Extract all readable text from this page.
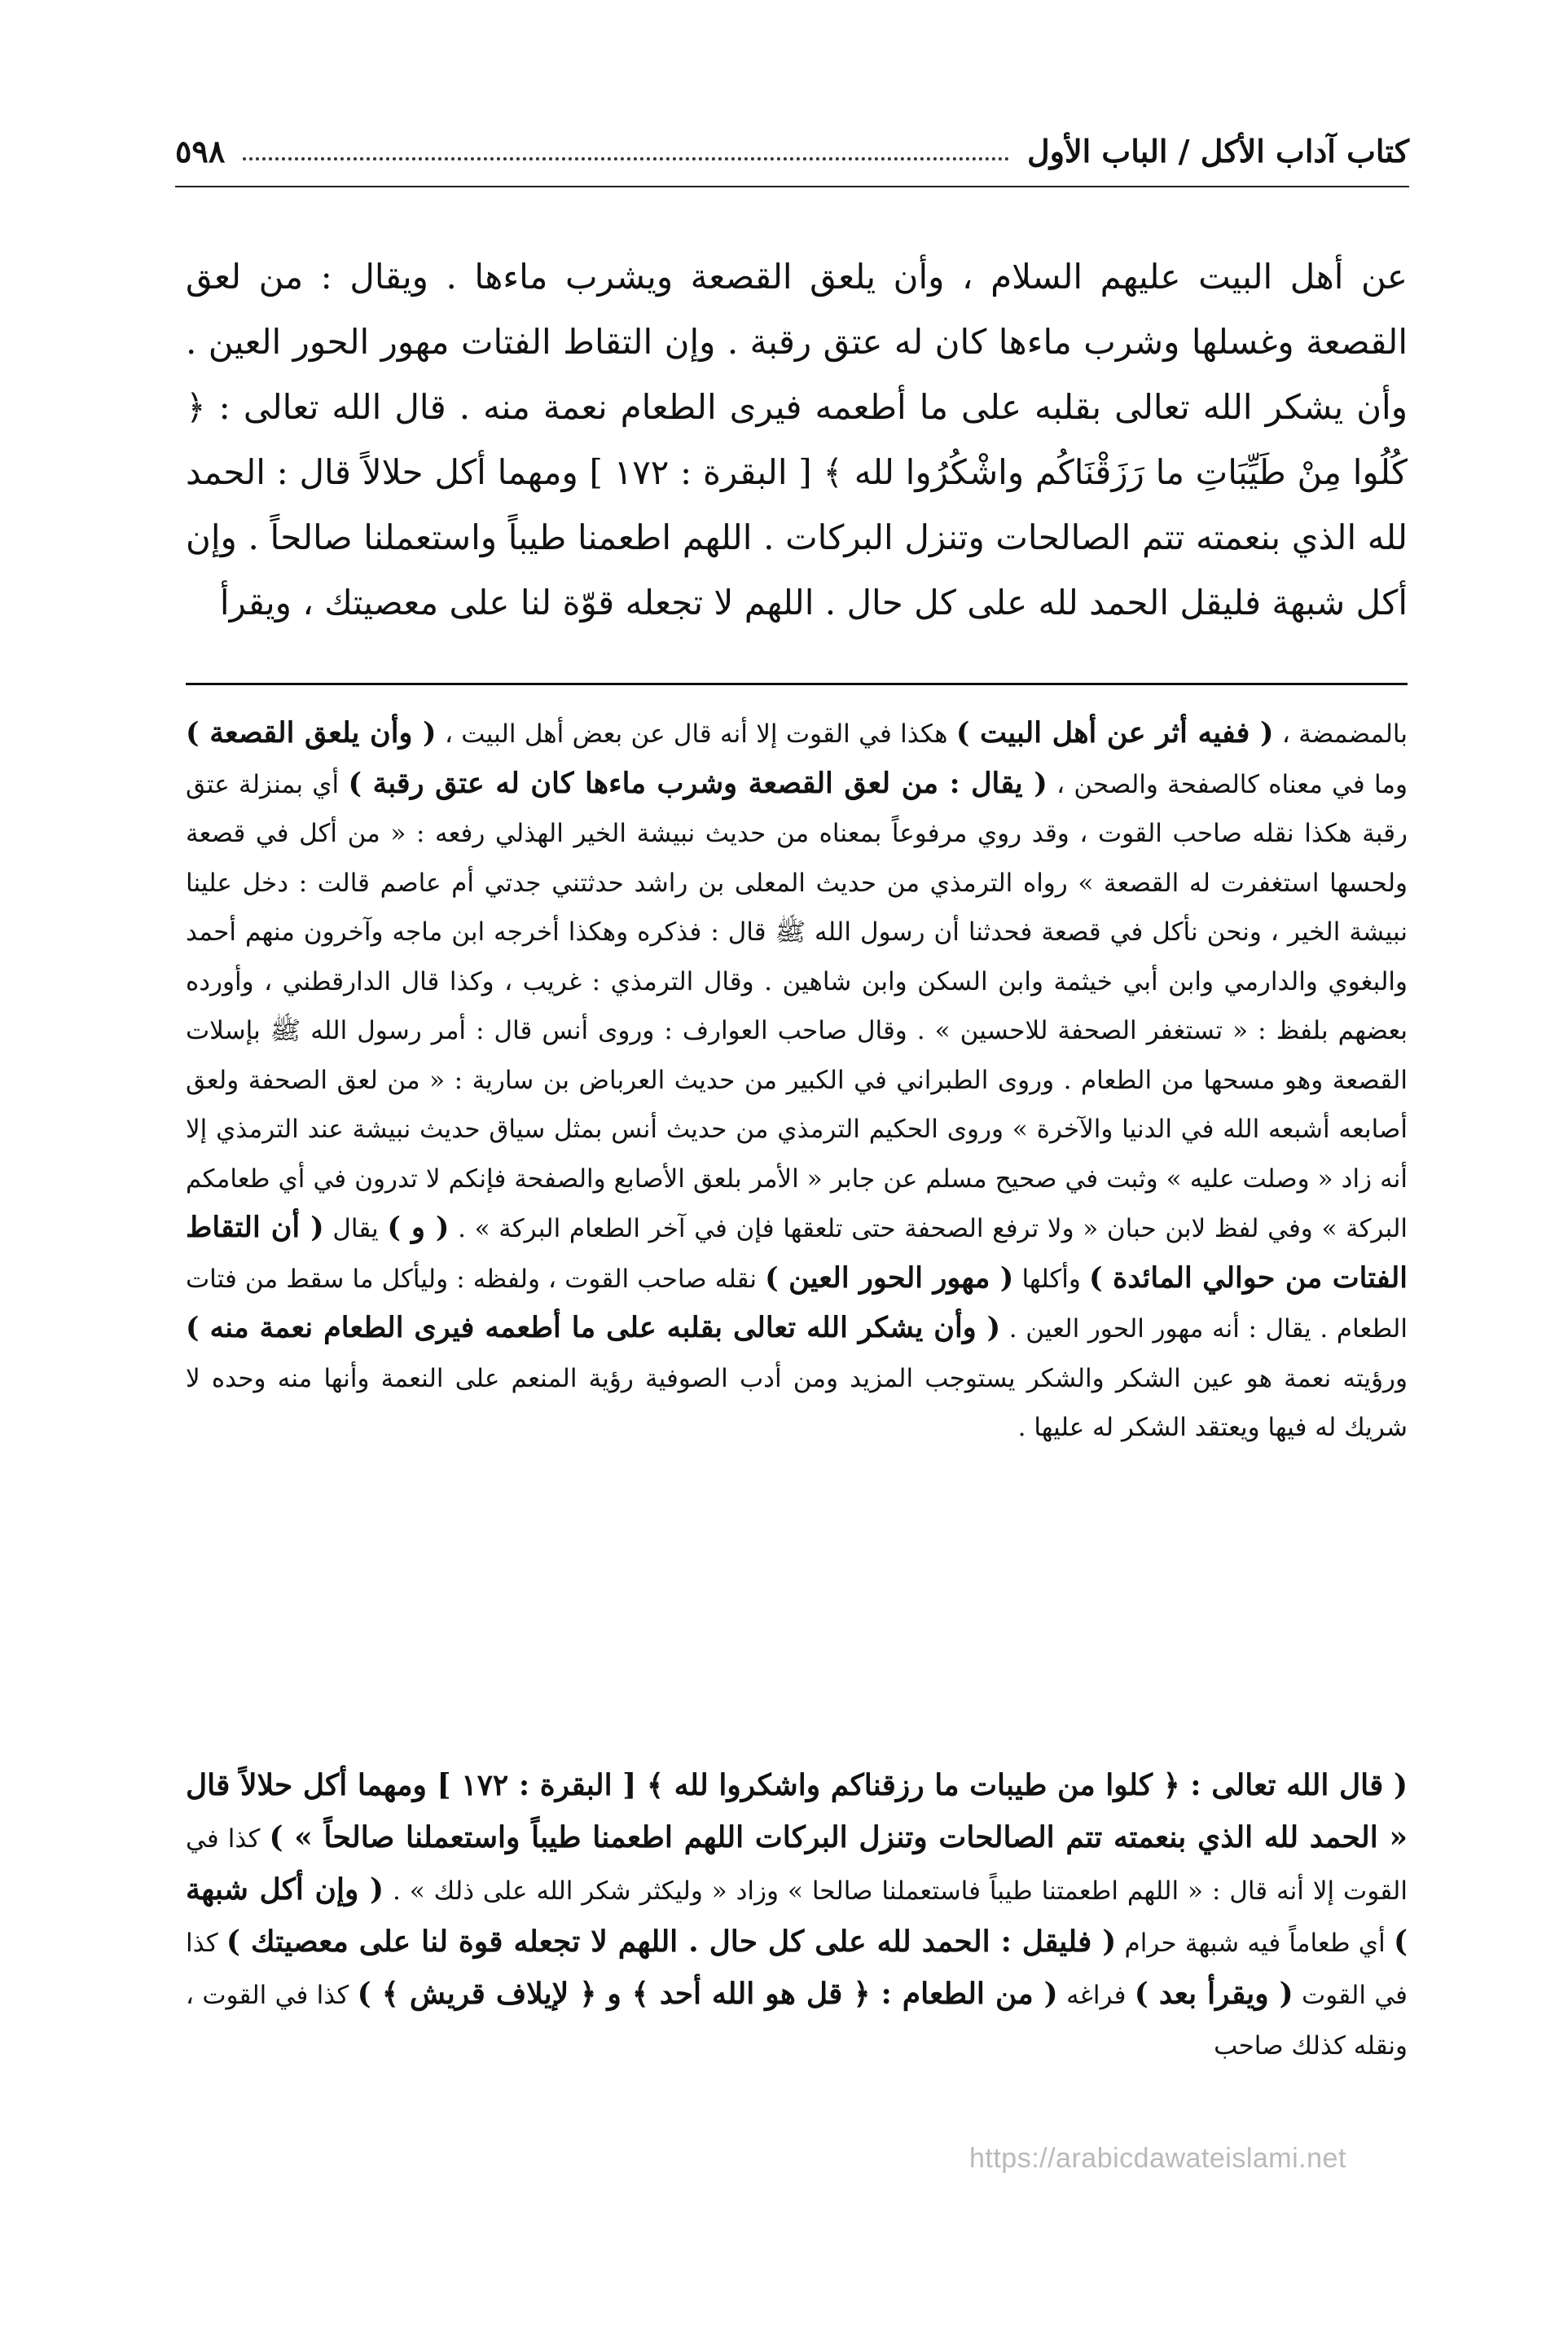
٥٩٨	كتاب آداب الأكل / الباب الأول

عن أهل البيت عليهم السلام ، وأن يلعق القصعة ويشرب ماءها . ويقال : من لعق القصعة وغسلها وشرب ماءها كان له عتق رقبة . وإن التقاط الفتات مهور الحور العين . وأن يشكر الله تعالى بقلبه على ما أطعمه فيرى الطعام نعمة منه . قال الله تعالى : ﴿ كُلُوا مِنْ طَيِّبَاتِ ما رَزَقْنَاكُم واشْكُرُوا لله ﴾ [ البقرة : ١٧٢ ] ومهما أكل حلالاً قال : الحمد لله الذي بنعمته تتم الصالحات وتنزل البركات . اللهم اطعمنا طيباً واستعملنا صالحاً . وإن أكل شبهة فليقل الحمد لله على كل حال . اللهم لا تجعله قوّة لنا على معصيتك ، ويقرأ

بالمضمضة ، ( ففيه أثر عن أهل البيت ) هكذا في القوت إلا أنه قال عن بعض أهل البيت ، ( وأن يلعق القصعة ) وما في معناه كالصفحة والصحن ، ( يقال : من لعق القصعة وشرب ماءها كان له عتق رقبة ) أي بمنزلة عتق رقبة هكذا نقله صاحب القوت ، وقد روي مرفوعاً بمعناه من حديث نبيشة الخير الهذلي رفعه : « من أكل في قصعة ولحسها استغفرت له القصعة » رواه الترمذي من حديث المعلى بن راشد حدثتني جدتي أم عاصم قالت : دخل علينا نبيشة الخير ، ونحن نأكل في قصعة فحدثنا أن رسول الله ﷺ قال : فذكره وهكذا أخرجه ابن ماجه وآخرون منهم أحمد والبغوي والدارمي وابن أبي خيثمة وابن السكن وابن شاهين . وقال الترمذي : غريب ، وكذا قال الدارقطني ، وأورده بعضهم بلفظ : « تستغفر الصحفة للاحسين » . وقال صاحب العوارف : وروى أنس قال : أمر رسول الله ﷺ بإسلات القصعة وهو مسحها من الطعام . وروى الطبراني في الكبير من حديث العرباض بن سارية : « من لعق الصحفة ولعق أصابعه أشبعه الله في الدنيا والآخرة » وروى الحكيم الترمذي من حديث أنس بمثل سياق حديث نبيشة عند الترمذي إلا أنه زاد « وصلت عليه » وثبت في صحيح مسلم عن جابر « الأمر بلعق الأصابع والصفحة فإنكم لا تدرون في أي طعامكم البركة » وفي لفظ لابن حبان « ولا ترفع الصحفة حتى تلعقها فإن في آخر الطعام البركة » . ( و ) يقال ( أن التقاط الفتات من حوالي المائدة ) وأكلها ( مهور الحور العين ) نقله صاحب القوت ، ولفظه : وليأكل ما سقط من فتات الطعام . يقال : أنه مهور الحور العين . ( وأن يشكر الله تعالى بقلبه على ما أطعمه فيرى الطعام نعمة منه ) ورؤيته نعمة هو عين الشكر والشكر يستوجب المزيد ومن أدب الصوفية رؤية المنعم على النعمة وأنها منه وحده لا شريك له فيها ويعتقد الشكر له عليها .

( قال الله تعالى : ﴿ كلوا من طيبات ما رزقناكم واشكروا لله ﴾ [ البقرة : ١٧٢ ] ومهما أكل حلالاً قال « الحمد لله الذي بنعمته تتم الصالحات وتنزل البركات اللهم اطعمنا طيباً واستعملنا صالحاً » ) كذا في القوت إلا أنه قال : « اللهم اطعمتنا طيباً فاستعملنا صالحا » وزاد « وليكثر شكر الله على ذلك » . ( وإن أكل شبهة ) أي طعاماً فيه شبهة حرام ( فليقل : الحمد لله على كل حال . اللهم لا تجعله قوة لنا على معصيتك ) كذا في القوت ( ويقرأ بعد ) فراغه ( من الطعام : ﴿ قل هو الله أحد ﴾ و ﴿ لإيلاف قريش ﴾ ) كذا في القوت ، ونقله كذلك صاحب

https://arabicdawateislami.net
